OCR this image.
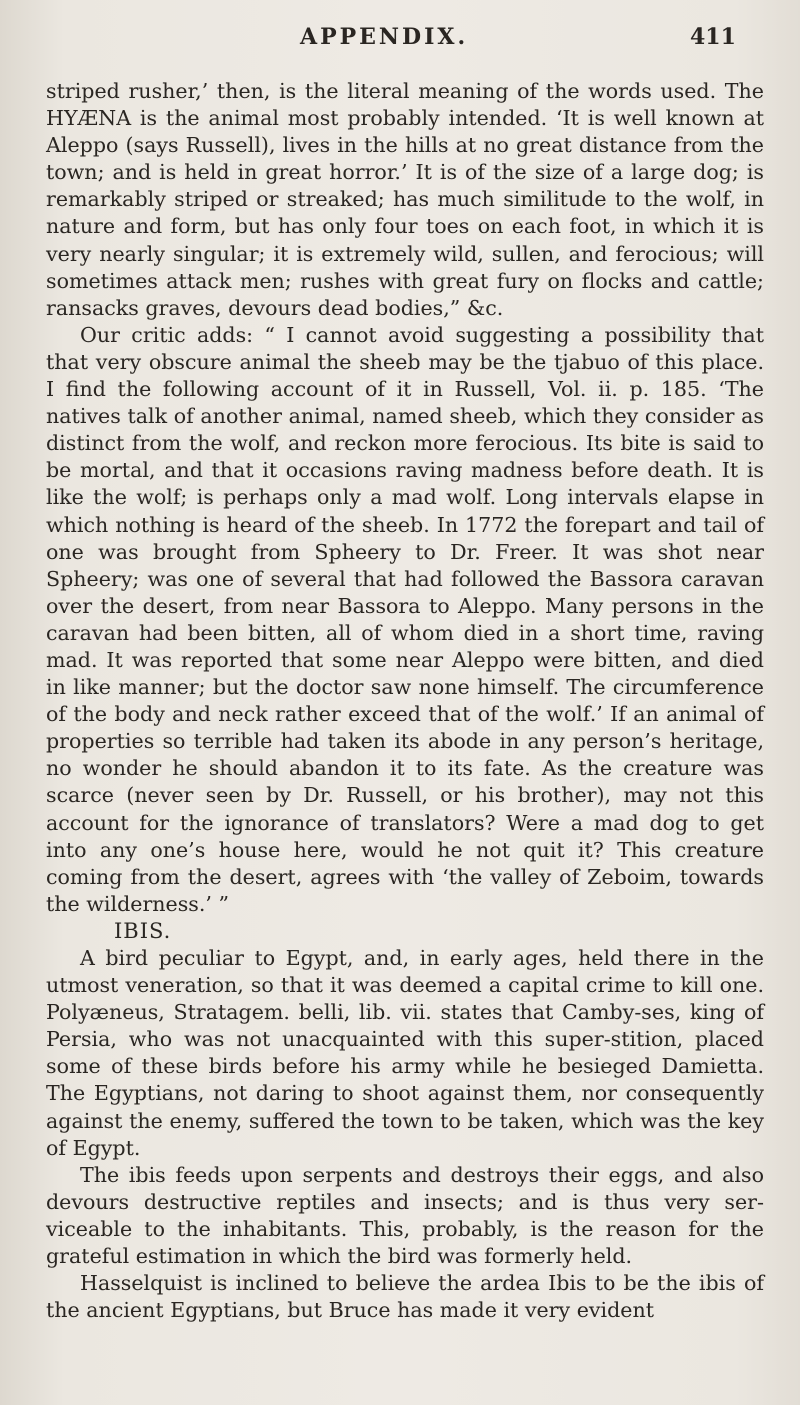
APPENDIX.	411

striped rusher,’ then, is the literal meaning of the words used. The HYÆNA is the animal most probably intended. ‘It is well known at Aleppo (says Russell), lives in the hills at no great distance from the town; and is held in great horror.’ It is of the size of a large dog; is remarkably striped or streaked; has much similitude to the wolf, in nature and form, but has only four toes on each foot, in which it is very nearly singular; it is extremely wild, sullen, and ferocious; will sometimes attack men; rushes with great fury on flocks and cattle; ransacks graves, devours dead bodies,” &c.

Our critic adds: “ I cannot avoid suggesting a possibility that that very obscure animal the sheeb may be the tjabuo of this place. I find the following account of it in Russell, Vol. ii. p. 185. ‘The natives talk of another animal, named sheeb, which they consider as distinct from the wolf, and reckon more ferocious. Its bite is said to be mortal, and that it occasions raving madness before death. It is like the wolf; is perhaps only a mad wolf. Long intervals elapse in which nothing is heard of the sheeb. In 1772 the forepart and tail of one was brought from Spheery to Dr. Freer. It was shot near Spheery; was one of several that had followed the Bassora caravan over the desert, from near Bassora to Aleppo. Many persons in the caravan had been bitten, all of whom died in a short time, raving mad. It was reported that some near Aleppo were bitten, and died in like manner; but the doctor saw none himself. The circumference of the body and neck rather exceed that of the wolf.’ If an animal of properties so terrible had taken its abode in any person’s heritage, no wonder he should abandon it to its fate. As the creature was scarce (never seen by Dr. Russell, or his brother), may not this account for the ignorance of translators? Were a mad dog to get into any one’s house here, would he not quit it? This creature coming from the desert, agrees with ‘the valley of Zeboim, towards the wilderness.’ ”

IBIS.

A bird peculiar to Egypt, and, in early ages, held there in the utmost veneration, so that it was deemed a capital crime to kill one. Polyæneus, Stratagem. belli, lib. vii. states that Camby-ses, king of Persia, who was not unacquainted with this super-stition, placed some of these birds before his army while he besieged Damietta. The Egyptians, not daring to shoot against them, nor consequently against the enemy, suffered the town to be taken, which was the key of Egypt.

The ibis feeds upon serpents and destroys their eggs, and also devours destructive reptiles and insects; and is thus very ser-viceable to the inhabitants. This, probably, is the reason for the grateful estimation in which the bird was formerly held.

Hasselquist is inclined to believe the ardea Ibis to be the ibis of the ancient Egyptians, but Bruce has made it very evident
